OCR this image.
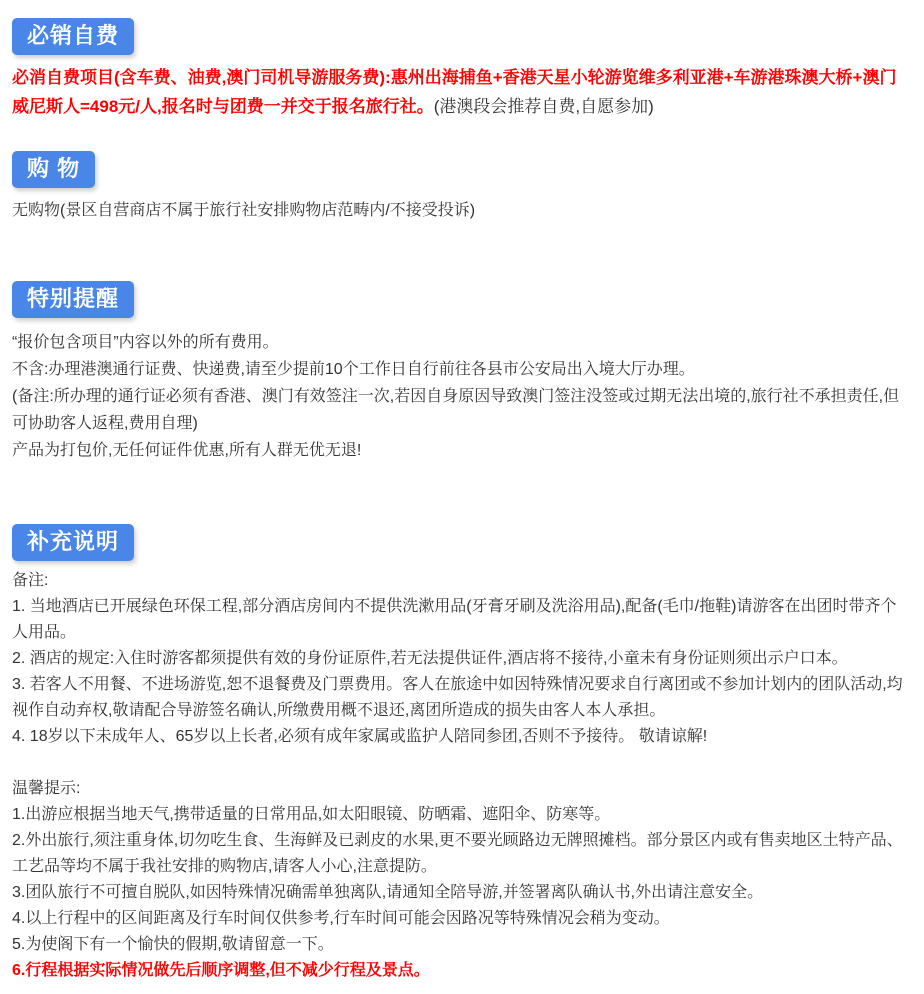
必销自费

必消自费项目(含车费、油费,澳门司机导游服务费):惠州出海捕鱼+香港天星小轮游览维多利亚港+车游港珠澳大桥+澳门威尼斯人=498元/人,报名时与团费一并交于报名旅行社。(港澳段会推荐自费,自愿参加)

购 物

无购物(景区自营商店不属于旅行社安排购物店范畴内/不接受投诉)

特别提醒

“报价包含项目”内容以外的所有费用。

不含:办理港澳通行证费、快递费,请至少提前10个工作日自行前往各县市公安局出入境大厅办理。

(备注:所办理的通行证必须有香港、澳门有效签注一次,若因自身原因导致澳门签注没签或过期无法出境的,旅行社不承担责任,但可协助客人返程,费用自理)

产品为打包价,无任何证件优惠,所有人群无优无退!

补充说明

备注:

1. 当地酒店已开展绿色环保工程,部分酒店房间内不提供洗漱用品(牙膏牙刷及洗浴用品),配备(毛巾/拖鞋)请游客在出团时带齐个人用品。

2. 酒店的规定:入住时游客都须提供有效的身份证原件,若无法提供证件,酒店将不接待,小童未有身份证则须出示户口本。

3. 若客人不用餐、不进场游览,恕不退餐费及门票费用。客人在旅途中如因特殊情况要求自行离团或不参加计划内的团队活动,均视作自动弃权,敬请配合导游签名确认,所缴费用概不退还,离团所造成的损失由客人本人承担。

4. 18岁以下未成年人、65岁以上长者,必须有成年家属或监护人陪同参团,否则不予接待。 敬请谅解!

温馨提示:

1.出游应根据当地天气,携带适量的日常用品,如太阳眼镜、防晒霜、遮阳伞、防寒等。

2.外出旅行,须注重身体,切勿吃生食、生海鲜及已剥皮的水果,更不要光顾路边无牌照摊档。部分景区内或有售卖地区土特产品、工艺品等均不属于我社安排的购物店,请客人小心,注意提防。

3.团队旅行不可擅自脱队,如因特殊情况确需单独离队,请通知全陪导游,并签署离队确认书,外出请注意安全。

4.以上行程中的区间距离及行车时间仅供参考,行车时间可能会因路况等特殊情况会稍为变动。

5.为使阁下有一个愉快的假期,敬请留意一下。

6.行程根据实际情况做先后顺序调整,但不减少行程及景点。
